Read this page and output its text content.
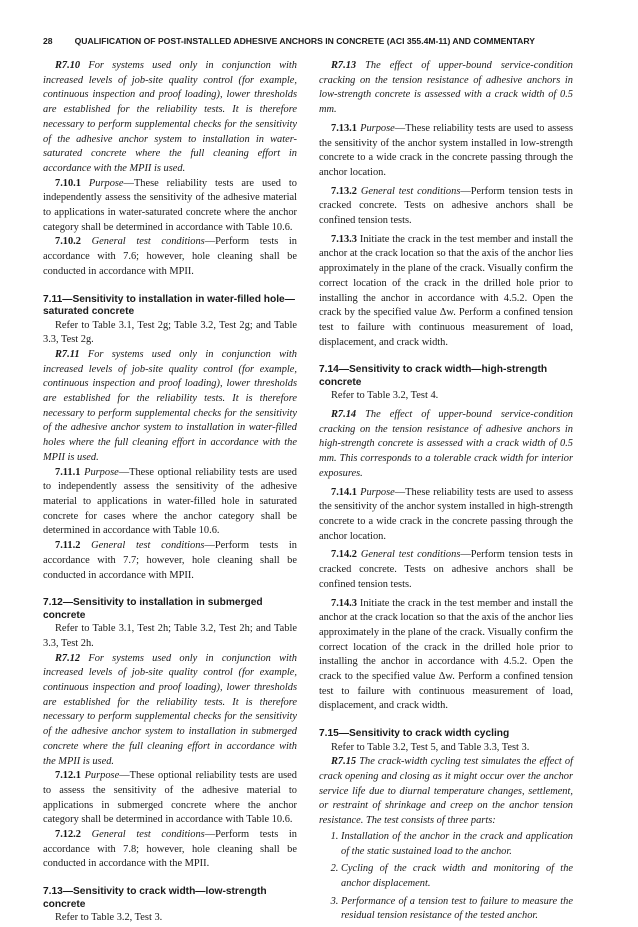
28	QUALIFICATION OF POST-INSTALLED ADHESIVE ANCHORS IN CONCRETE (ACI 355.4M-11) AND COMMENTARY

R7.10 For systems used only in conjunction with increased levels of job-site quality control (for example, continuous inspection and proof loading), lower thresholds are established for the reliability tests. It is therefore necessary to perform supplemental checks for the sensitivity of the adhesive anchor system to installation in water-saturated concrete where the full cleaning effort in accordance with the MPII is used.

7.10.1 Purpose—These reliability tests are used to independently assess the sensitivity of the adhesive material to applications in water-saturated concrete where the anchor category shall be determined in accordance with Table 10.6.

7.10.2 General test conditions—Perform tests in accordance with 7.6; however, hole cleaning shall be conducted in accordance with MPII.

7.11—Sensitivity to installation in water-filled hole—saturated concrete

Refer to Table 3.1, Test 2g; Table 3.2, Test 2g; and Table 3.3, Test 2g.

R7.11 For systems used only in conjunction with increased levels of job-site quality control (for example, continuous inspection and proof loading), lower thresholds are established for the reliability tests. It is therefore necessary to perform supplemental checks for the sensitivity of the adhesive anchor system to installation in water-filled holes where the full cleaning effort in accordance with the MPII is used.

7.11.1 Purpose—These optional reliability tests are used to independently assess the sensitivity of the adhesive material to applications in water-filled hole in saturated concrete for cases where the anchor category shall be determined in accordance with Table 10.6.

7.11.2 General test conditions—Perform tests in accordance with 7.7; however, hole cleaning shall be conducted in accordance with MPII.

7.12—Sensitivity to installation in submerged concrete

Refer to Table 3.1, Test 2h; Table 3.2, Test 2h; and Table 3.3, Test 2h.

R7.12 For systems used only in conjunction with increased levels of job-site quality control (for example, continuous inspection and proof loading), lower thresholds are established for the reliability tests. It is therefore necessary to perform supplemental checks for the sensitivity of the adhesive anchor system to installation in submerged concrete where the full cleaning effort in accordance with the MPII is used.

7.12.1 Purpose—These optional reliability tests are used to assess the sensitivity of the adhesive material to applications in submerged concrete where the anchor category shall be determined in accordance with Table 10.6.

7.12.2 General test conditions—Perform tests in accordance with 7.8; however, hole cleaning shall be conducted in accordance with the MPII.

7.13—Sensitivity to crack width—low-strength concrete

Refer to Table 3.2, Test 3.

R7.13 The effect of upper-bound service-condition cracking on the tension resistance of adhesive anchors in low-strength concrete is assessed with a crack width of 0.5 mm.

7.13.1 Purpose—These reliability tests are used to assess the sensitivity of the anchor system installed in low-strength concrete to a wide crack in the concrete passing through the anchor location.

7.13.2 General test conditions—Perform tension tests in cracked concrete. Tests on adhesive anchors shall be confined tension tests.

7.13.3 Initiate the crack in the test member and install the anchor at the crack location so that the axis of the anchor lies approximately in the plane of the crack. Visually confirm the correct location of the crack in the drilled hole prior to installing the anchor in accordance with 4.5.2. Open the crack by the specified value Δw. Perform a confined tension test to failure with continuous measurement of load, displacement, and crack width.

7.14—Sensitivity to crack width—high-strength concrete

Refer to Table 3.2, Test 4.

R7.14 The effect of upper-bound service-condition cracking on the tension resistance of adhesive anchors in high-strength concrete is assessed with a crack width of 0.5 mm. This corresponds to a tolerable crack width for interior exposures.

7.14.1 Purpose—These reliability tests are used to assess the sensitivity of the anchor system installed in high-strength concrete to a wide crack in the concrete passing through the anchor location.

7.14.2 General test conditions—Perform tension tests in cracked concrete. Tests on adhesive anchors shall be confined tension tests.

7.14.3 Initiate the crack in the test member and install the anchor at the crack location so that the axis of the anchor lies approximately in the plane of the crack. Visually confirm the correct location of the crack in the drilled hole prior to installing the anchor in accordance with 4.5.2. Open the crack to the specified value Δw. Perform a confined tension test to failure with continuous measurement of load, displacement, and crack width.

7.15—Sensitivity to crack width cycling

Refer to Table 3.2, Test 5, and Table 3.3, Test 3.

R7.15 The crack-width cycling test simulates the effect of crack opening and closing as it might occur over the anchor service life due to diurnal temperature changes, settlement, or restraint of shrinkage and creep on the anchor tension resistance. The test consists of three parts:

1. Installation of the anchor in the crack and application of the static sustained load to the anchor.
2. Cycling of the crack width and monitoring of the anchor displacement.
3. Performance of a tension test to failure to measure the residual tension resistance of the tested anchor.
